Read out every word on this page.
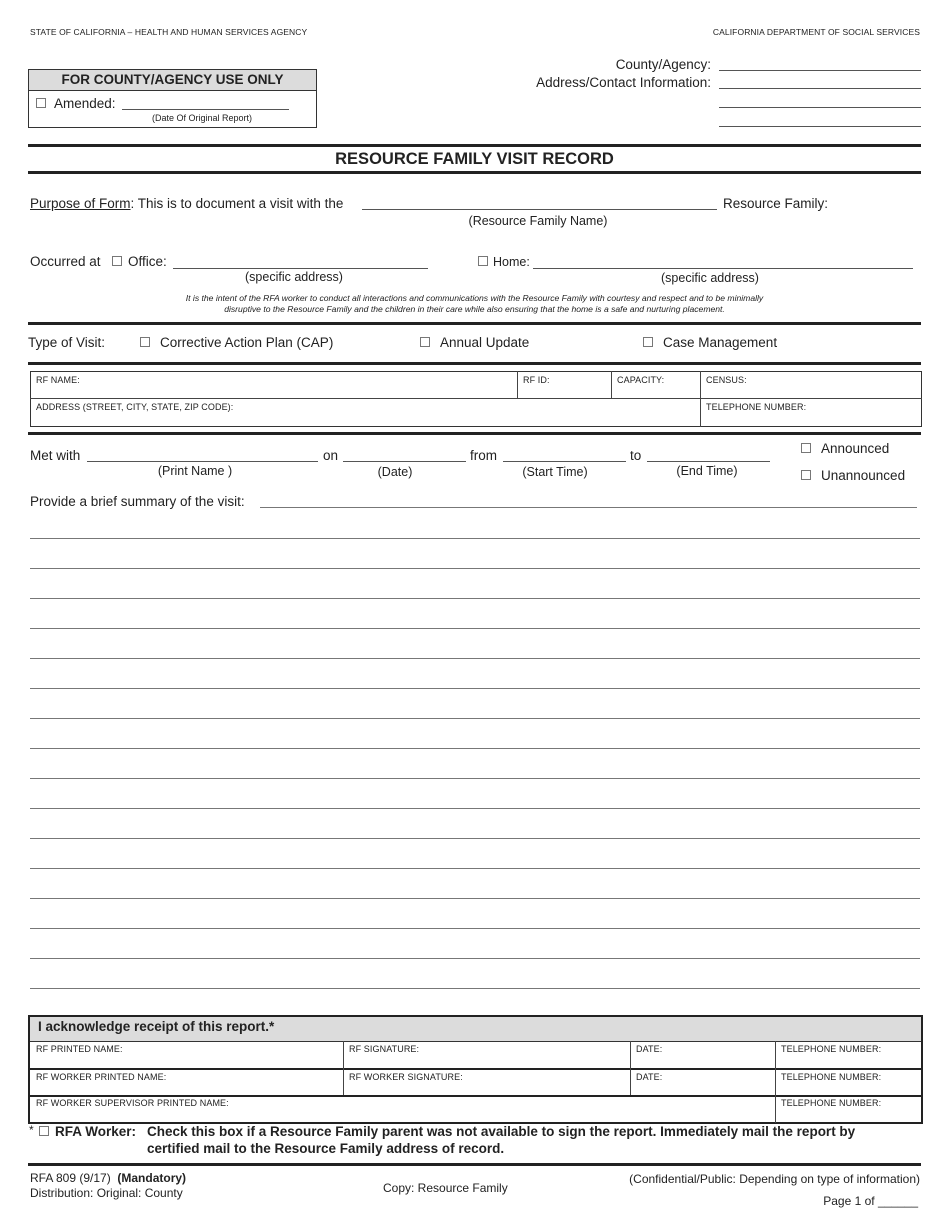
STATE OF CALIFORNIA – HEALTH AND HUMAN SERVICES AGENCY	CALIFORNIA DEPARTMENT OF SOCIAL SERVICES
FOR COUNTY/AGENCY USE ONLY
Amended:
(Date Of Original Report)
County/Agency:
Address/Contact Information:
RESOURCE FAMILY VISIT RECORD
Purpose of Form: This is to document a visit with the	Resource Family:
(Resource Family Name)
Occurred at Office:
(specific address)
Home:
(specific address)
It is the intent of the RFA worker to conduct all interactions and communications with the Resource Family with courtesy and respect and to be minimally
disruptive to the Resource Family and the children in their care while also ensuring that the home is a safe and nurturing placement.
Type of Visit:	Corrective Action Plan (CAP)	Annual Update	Case Management
RF NAME:	RF ID:	CAPACITY:	CENSUS:
ADDRESS (STREET, CITY, STATE, ZIP CODE):	TELEPHONE NUMBER:
Met with	on	from	to
(Print Name )	(Date)	(Start Time)	(End Time)
Announced
Unannounced
Provide a brief summary of the visit:
I acknowledge receipt of this report.*
RF PRINTED NAME:	RF SIGNATURE:	DATE:	TELEPHONE NUMBER:
RF WORKER PRINTED NAME:	RF WORKER SIGNATURE:	DATE:	TELEPHONE NUMBER:
RF WORKER SUPERVISOR PRINTED NAME:	TELEPHONE NUMBER:
* RFA Worker: Check this box if a Resource Family parent was not available to sign the report. Immediately mail the report by
certified mail to the Resource Family address of record.
RFA 809 (9/17) (Mandatory)
Distribution: Original: County	Copy: Resource Family
(Confidential/Public: Depending on type of information)
Page 1 of ______
